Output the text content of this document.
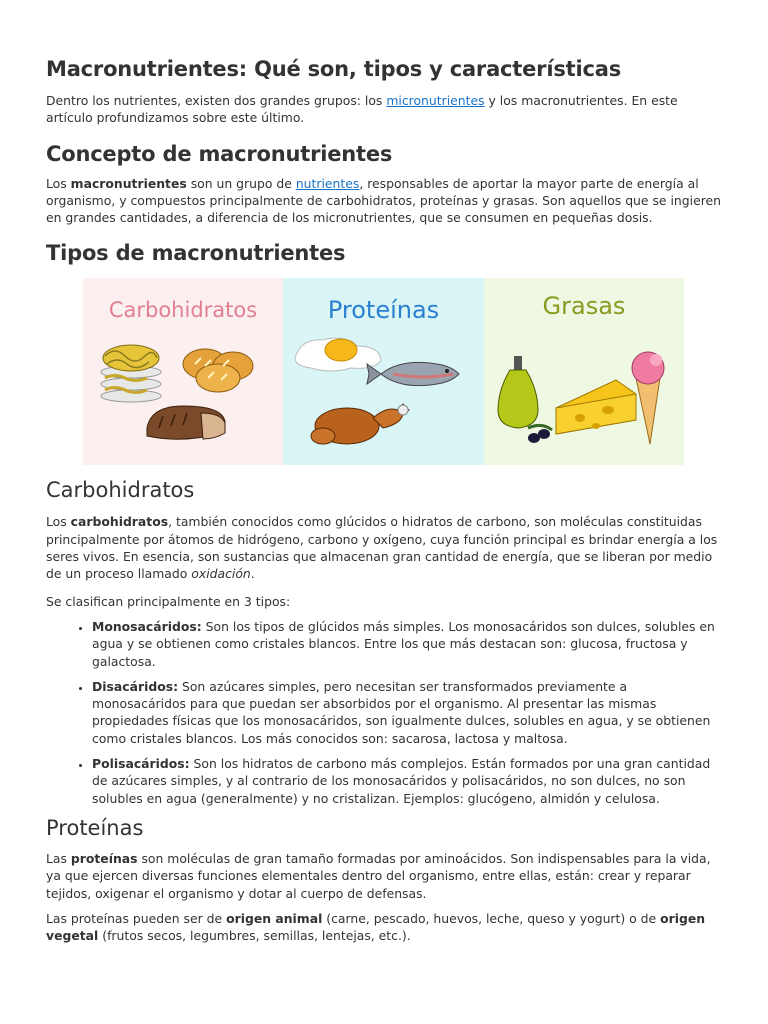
Macronutrientes: Qué son, tipos y características

Dentro los nutrientes, existen dos grandes grupos: los micronutrientes y los macronutrientes. En este artículo profundizamos sobre este último.

Concepto de macronutrientes

Los macronutrientes son un grupo de nutrientes, responsables de aportar la mayor parte de energía al organismo, y compuestos principalmente de carbohidratos, proteínas y grasas. Son aquellos que se ingieren en grandes cantidades, a diferencia de los micronutrientes, que se consumen en pequeñas dosis.

Tipos de macronutrientes
Carbohidratos	Proteínas	Grasas
Carbohidratos

Los carbohidratos, también conocidos como glúcidos o hidratos de carbono, son moléculas constituidas principalmente por átomos de hidrógeno, carbono y oxígeno, cuya función principal es brindar energía a los seres vivos. En esencia, son sustancias que almacenan gran cantidad de energía, que se liberan por medio de un proceso llamado oxidación.

Se clasifican principalmente en 3 tipos:

• Monosacáridos: Son los tipos de glúcidos más simples. Los monosacáridos son dulces, solubles en agua y se obtienen como cristales blancos. Entre los que más destacan son: glucosa, fructosa y galactosa.
• Disacáridos: Son azúcares simples, pero necesitan ser transformados previamente a monosacáridos para que puedan ser absorbidos por el organismo. Al presentar las mismas propiedades físicas que los monosacáridos, son igualmente dulces, solubles en agua, y se obtienen como cristales blancos. Los más conocidos son: sacarosa, lactosa y maltosa.
• Polisacáridos: Son los hidratos de carbono más complejos. Están formados por una gran cantidad de azúcares simples, y al contrario de los monosacáridos y polisacáridos, no son dulces, no son solubles en agua (generalmente) y no cristalizan. Ejemplos: glucógeno, almidón y celulosa.
Proteínas

Las proteínas son moléculas de gran tamaño formadas por aminoácidos. Son indispensables para la vida, ya que ejercen diversas funciones elementales dentro del organismo, entre ellas, están: crear y reparar tejidos, oxigenar el organismo y dotar al cuerpo de defensas.

Las proteínas pueden ser de origen animal (carne, pescado, huevos, leche, queso y yogurt) o de origen vegetal (frutos secos, legumbres, semillas, lentejas, etc.).
